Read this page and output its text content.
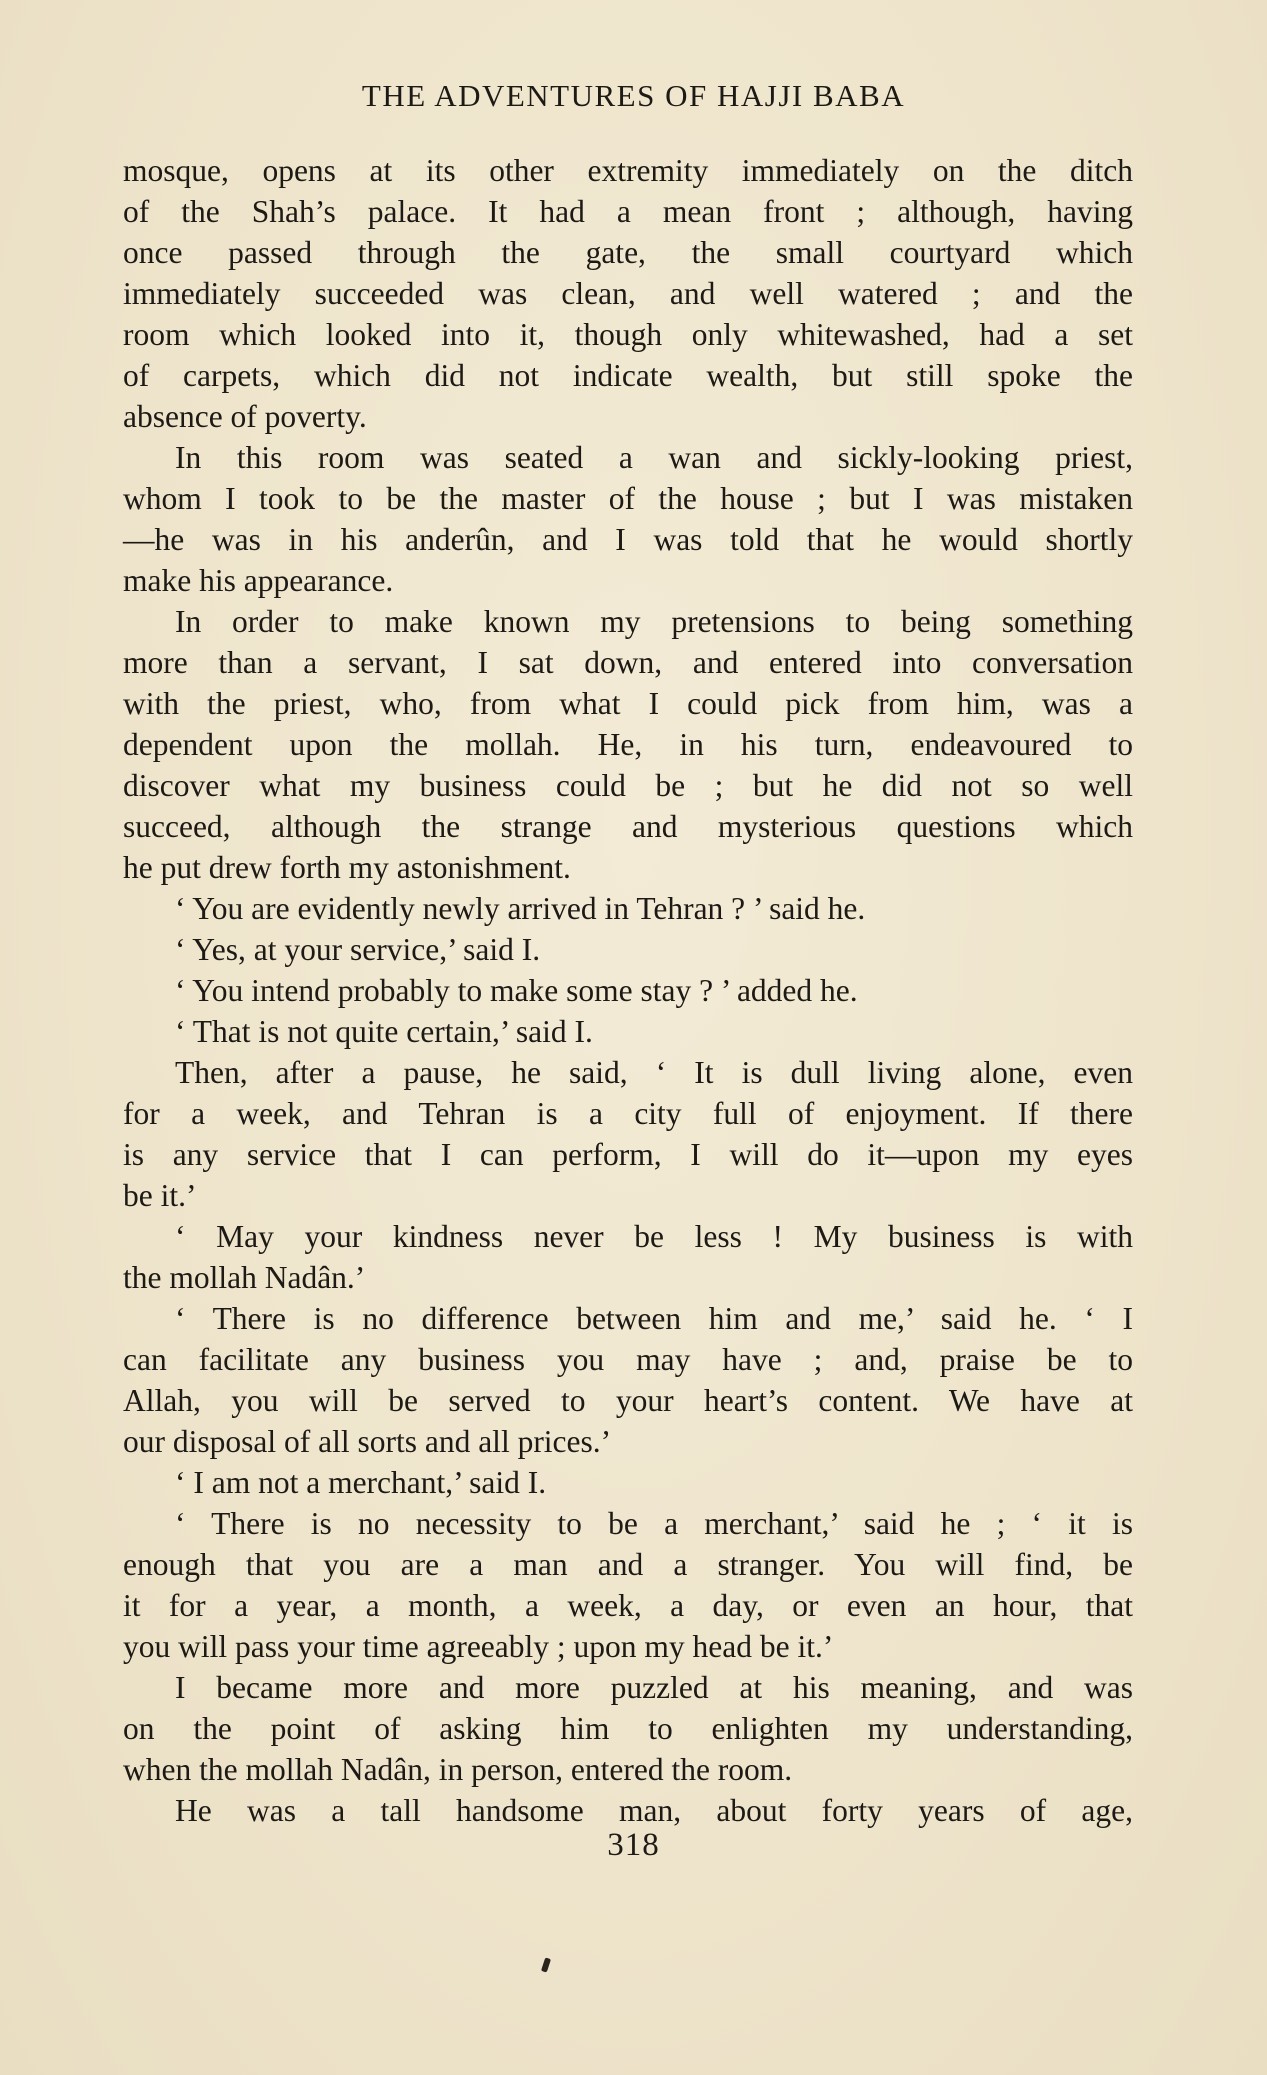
THE ADVENTURES OF HAJJI BABA
mosque, opens at its other extremity immediately on the ditch
of the Shah’s palace. It had a mean front ; although, having
once passed through the gate, the small courtyard which
immediately succeeded was clean, and well watered ; and the
room which looked into it, though only whitewashed, had a set
of carpets, which did not indicate wealth, but still spoke the
absence of poverty.
In this room was seated a wan and sickly-looking priest,
whom I took to be the master of the house ; but I was mistaken
—he was in his anderûn, and I was told that he would shortly
make his appearance.
In order to make known my pretensions to being something
more than a servant, I sat down, and entered into conversation
with the priest, who, from what I could pick from him, was a
dependent upon the mollah. He, in his turn, endeavoured to
discover what my business could be ; but he did not so well
succeed, although the strange and mysterious questions which
he put drew forth my astonishment.
‘ You are evidently newly arrived in Tehran ? ’ said he.
‘ Yes, at your service,’ said I.
‘ You intend probably to make some stay ? ’ added he.
‘ That is not quite certain,’ said I.
Then, after a pause, he said, ‘ It is dull living alone, even
for a week, and Tehran is a city full of enjoyment. If there
is any service that I can perform, I will do it—upon my eyes
be it.’
‘ May your kindness never be less ! My business is with
the mollah Nadân.’
‘ There is no difference between him and me,’ said he. ‘ I
can facilitate any business you may have ; and, praise be to
Allah, you will be served to your heart’s content. We have at
our disposal of all sorts and all prices.’
‘ I am not a merchant,’ said I.
‘ There is no necessity to be a merchant,’ said he ; ‘ it is
enough that you are a man and a stranger. You will find, be
it for a year, a month, a week, a day, or even an hour, that
you will pass your time agreeably ; upon my head be it.’
I became more and more puzzled at his meaning, and was
on the point of asking him to enlighten my understanding,
when the mollah Nadân, in person, entered the room.
He was a tall handsome man, about forty years of age,
318
